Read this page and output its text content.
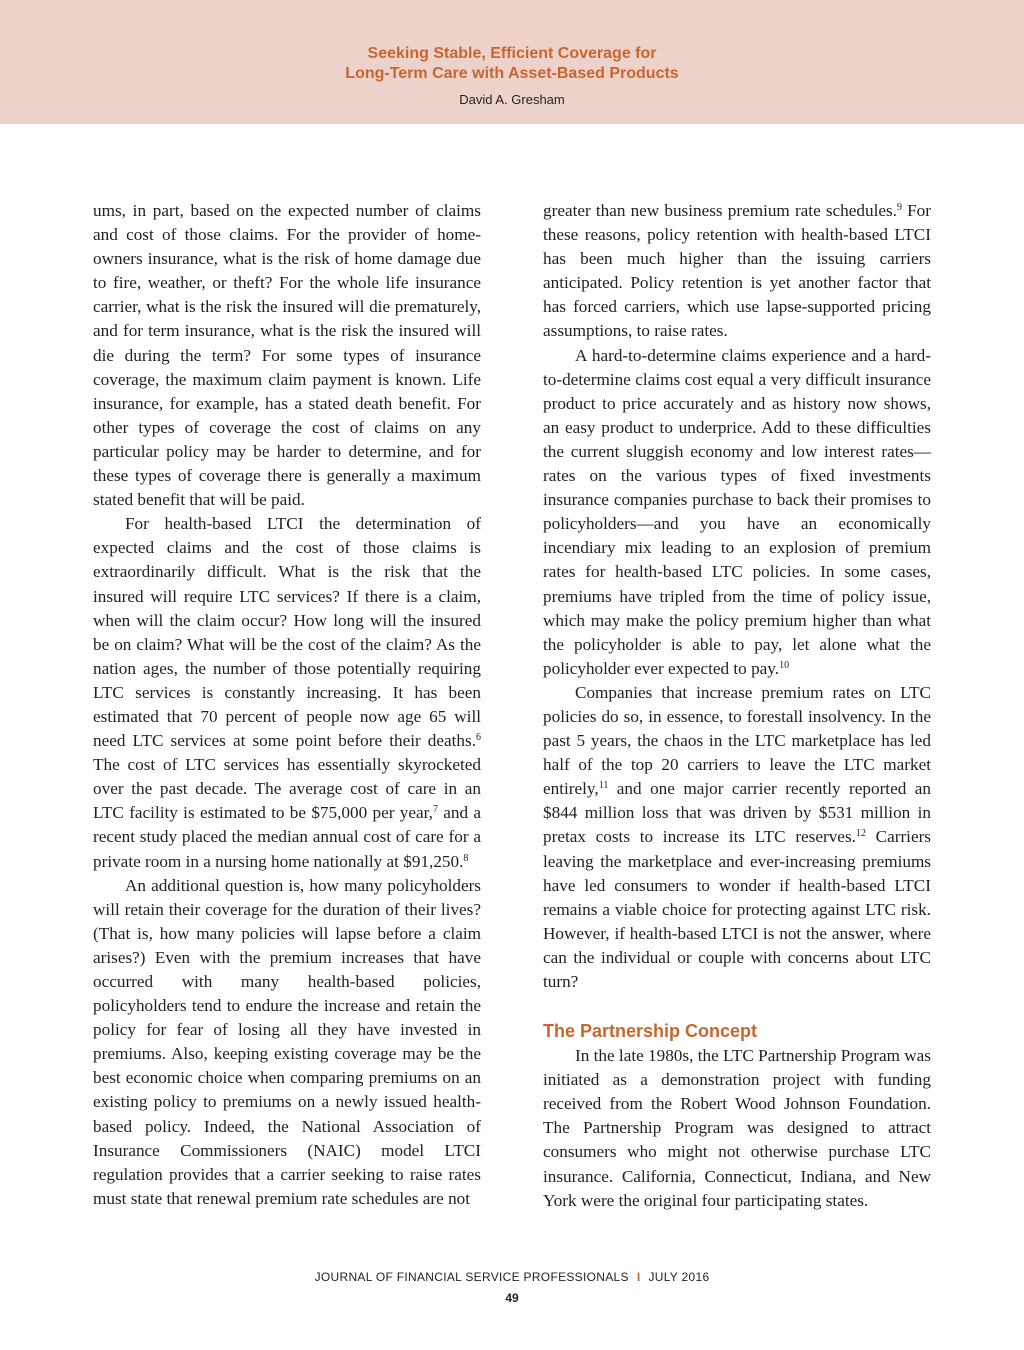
Seeking Stable, Efficient Coverage for
Long-Term Care with Asset-Based Products
David A. Gresham

ums, in part, based on the expected number of claims and cost of those claims. For the provider of home-owners insurance, what is the risk of home damage due to fire, weather, or theft? For the whole life insurance carrier, what is the risk the insured will die prematurely, and for term insurance, what is the risk the insured will die during the term? For some types of insurance coverage, the maximum claim payment is known. Life insurance, for example, has a stated death benefit. For other types of coverage the cost of claims on any particular policy may be harder to determine, and for these types of coverage there is generally a maximum stated benefit that will be paid.

For health-based LTCI the determination of expected claims and the cost of those claims is extraordinarily difficult. What is the risk that the insured will require LTC services? If there is a claim, when will the claim occur? How long will the insured be on claim? What will be the cost of the claim? As the nation ages, the number of those potentially requiring LTC services is constantly increasing. It has been estimated that 70 percent of people now age 65 will need LTC services at some point before their deaths.$^6$ The cost of LTC services has essentially skyrocketed over the past decade. The average cost of care in an LTC facility is estimated to be $75,000 per year,$^7$ and a recent study placed the median annual cost of care for a private room in a nursing home nationally at $91,250.$^8$

An additional question is, how many policyholders will retain their coverage for the duration of their lives? (That is, how many policies will lapse before a claim arises?) Even with the premium increases that have occurred with many health-based policies, policyholders tend to endure the increase and retain the policy for fear of losing all they have invested in premiums. Also, keeping existing coverage may be the best economic choice when comparing premiums on an existing policy to premiums on a newly issued health-based policy. Indeed, the National Association of Insurance Commissioners (NAIC) model LTCI regulation provides that a carrier seeking to raise rates must state that renewal premium rate schedules are not

greater than new business premium rate schedules.$^9$ For these reasons, policy retention with health-based LTCI has been much higher than the issuing carriers anticipated. Policy retention is yet another factor that has forced carriers, which use lapse-supported pricing assumptions, to raise rates.

A hard-to-determine claims experience and a hard-to-determine claims cost equal a very difficult insurance product to price accurately and as history now shows, an easy product to underprice. Add to these difficulties the current sluggish economy and low interest rates—rates on the various types of fixed investments insurance companies purchase to back their promises to policyholders—and you have an economically incendiary mix leading to an explosion of premium rates for health-based LTC policies. In some cases, premiums have tripled from the time of policy issue, which may make the policy premium higher than what the policyholder is able to pay, let alone what the policyholder ever expected to pay.$^{10}$

Companies that increase premium rates on LTC policies do so, in essence, to forestall insolvency. In the past 5 years, the chaos in the LTC marketplace has led half of the top 20 carriers to leave the LTC market entirely,$^{11}$ and one major carrier recently reported an $844 million loss that was driven by $531 million in pretax costs to increase its LTC reserves.$^{12}$ Carriers leaving the marketplace and ever-increasing premiums have led consumers to wonder if health-based LTCI remains a viable choice for protecting against LTC risk. However, if health-based LTCI is not the answer, where can the individual or couple with concerns about LTC turn?

The Partnership Concept

In the late 1980s, the LTC Partnership Program was initiated as a demonstration project with funding received from the Robert Wood Johnson Foundation. The Partnership Program was designed to attract consumers who might not otherwise purchase LTC insurance. California, Connecticut, Indiana, and New York were the original four participating states.

JOURNAL OF FINANCIAL SERVICE PROFESSIONALS I JULY 2016
49
